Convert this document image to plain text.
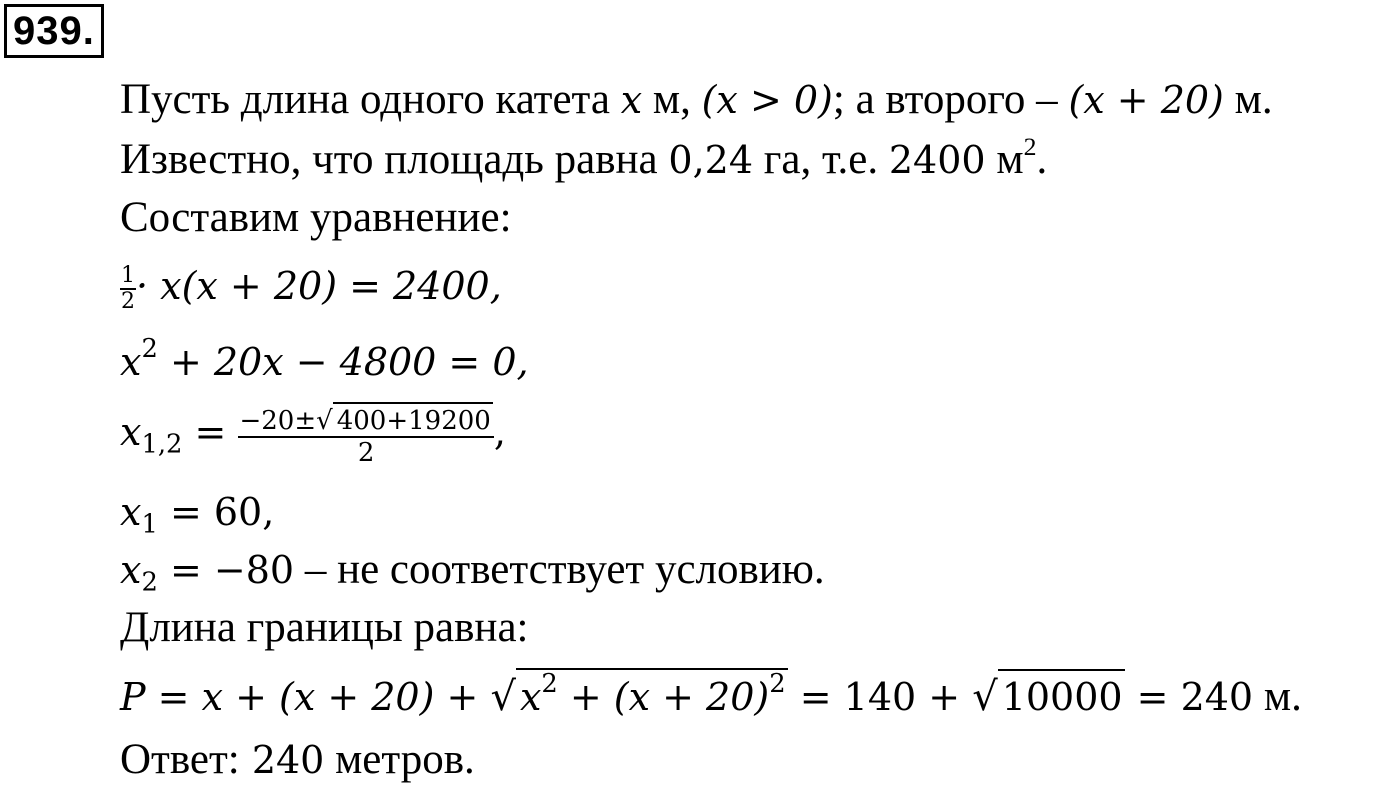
939.
Пусть длина одного катета x м, (x > 0); а второго – (x + 20) м.
Известно, что площадь равна 0,24 га, т.е. 2400 $м^2$.
Составим уравнение:
$\frac{1}{2} \cdot x(x + 20) = 2400$,
$x^2 + 20x - 4800 = 0$,
$x_{1,2} = \frac{-20\pm√ 400+19200}{2}$ ,
$x_1 = 60$,
$x_2 = -80$ – не соответствует условию.
Длина границы равна:
P = x + (x + 20) + √ $x^2 + (x + 20)^2 = 140$ + √ 10000 = 240 м.
Ответ: 240 метров.
